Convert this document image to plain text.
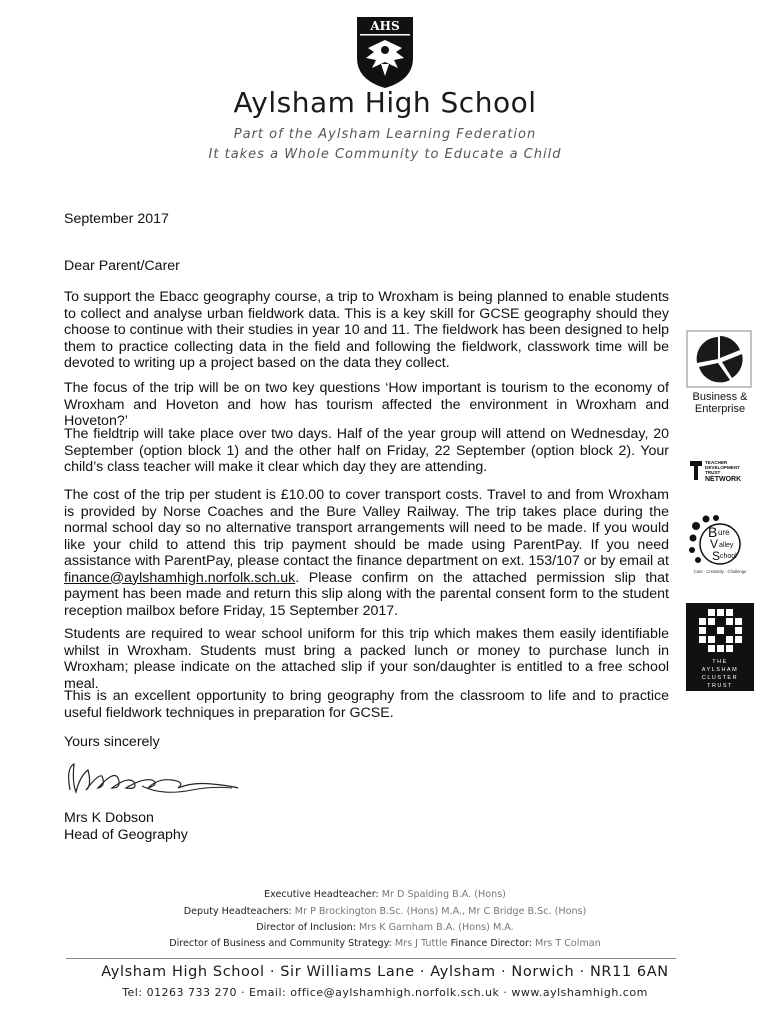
AHS
Aylsham High School
Part of the Aylsham Learning Federation
It takes a Whole Community to Educate a Child
September 2017
Dear Parent/Carer

To support the Ebacc geography course, a trip to Wroxham is being planned to enable students to collect and analyse urban fieldwork data. This is a key skill for GCSE geography should they choose to continue with their studies in year 10 and 11. The fieldwork has been designed to help them to practice collecting data in the field and following the fieldwork, classwork time will be devoted to writing up a project based on the data they collect.

The focus of the trip will be on two key questions ‘How important is tourism to the economy of Wroxham and Hoveton and how has tourism affected the environment in Wroxham and Hoveton?’

The fieldtrip will take place over two days. Half of the year group will attend on Wednesday, 20 September (option block 1) and the other half on Friday, 22 September (option block 2). Your child’s class teacher will make it clear which day they are attending.

The cost of the trip per student is £10.00 to cover transport costs. Travel to and from Wroxham is provided by Norse Coaches and the Bure Valley Railway. The trip takes place during the normal school day so no alternative transport arrangements will need to be made. If you would like your child to attend this trip payment should be made using ParentPay. If you need assistance with ParentPay, please contact the finance department on ext. 153/107 or by email at finance@aylshamhigh.norfolk.sch.uk. Please confirm on the attached permission slip that payment has been made and return this slip along with the parental consent form to the student reception mailbox before Friday, 15 September 2017.

Students are required to wear school uniform for this trip which makes them easily identifiable whilst in Wroxham. Students must bring a packed lunch or money to purchase lunch in Wroxham; please indicate on the attached slip if your son/daughter is entitled to a free school meal.

This is an excellent opportunity to bring geography from the classroom to life and to practice useful fieldwork techniques in preparation for GCSE.

Yours sincerely
Mrs K Dobson
Head of Geography
Business &
Enterprise
TEACHER
DEVELOPMENT
TRUST
NETWORK
B ure
V alley
S chool
Care · Creativity · Challenge
THE
AYLSHAM
CLUSTER
TRUST
Executive Headteacher: Mr D Spalding B.A. (Hons)
Deputy Headteachers: Mr P Brockington B.Sc. (Hons) M.A., Mr C Bridge B.Sc. (Hons)
Director of Inclusion: Mrs K Garnham B.A. (Hons) M.A.
Director of Business and Community Strategy: Mrs J Tuttle Finance Director: Mrs T Colman
Aylsham High School · Sir Williams Lane · Aylsham · Norwich · NR11 6AN
Tel: 01263 733 270 · Email: office@aylshamhigh.norfolk.sch.uk · www.aylshamhigh.com
